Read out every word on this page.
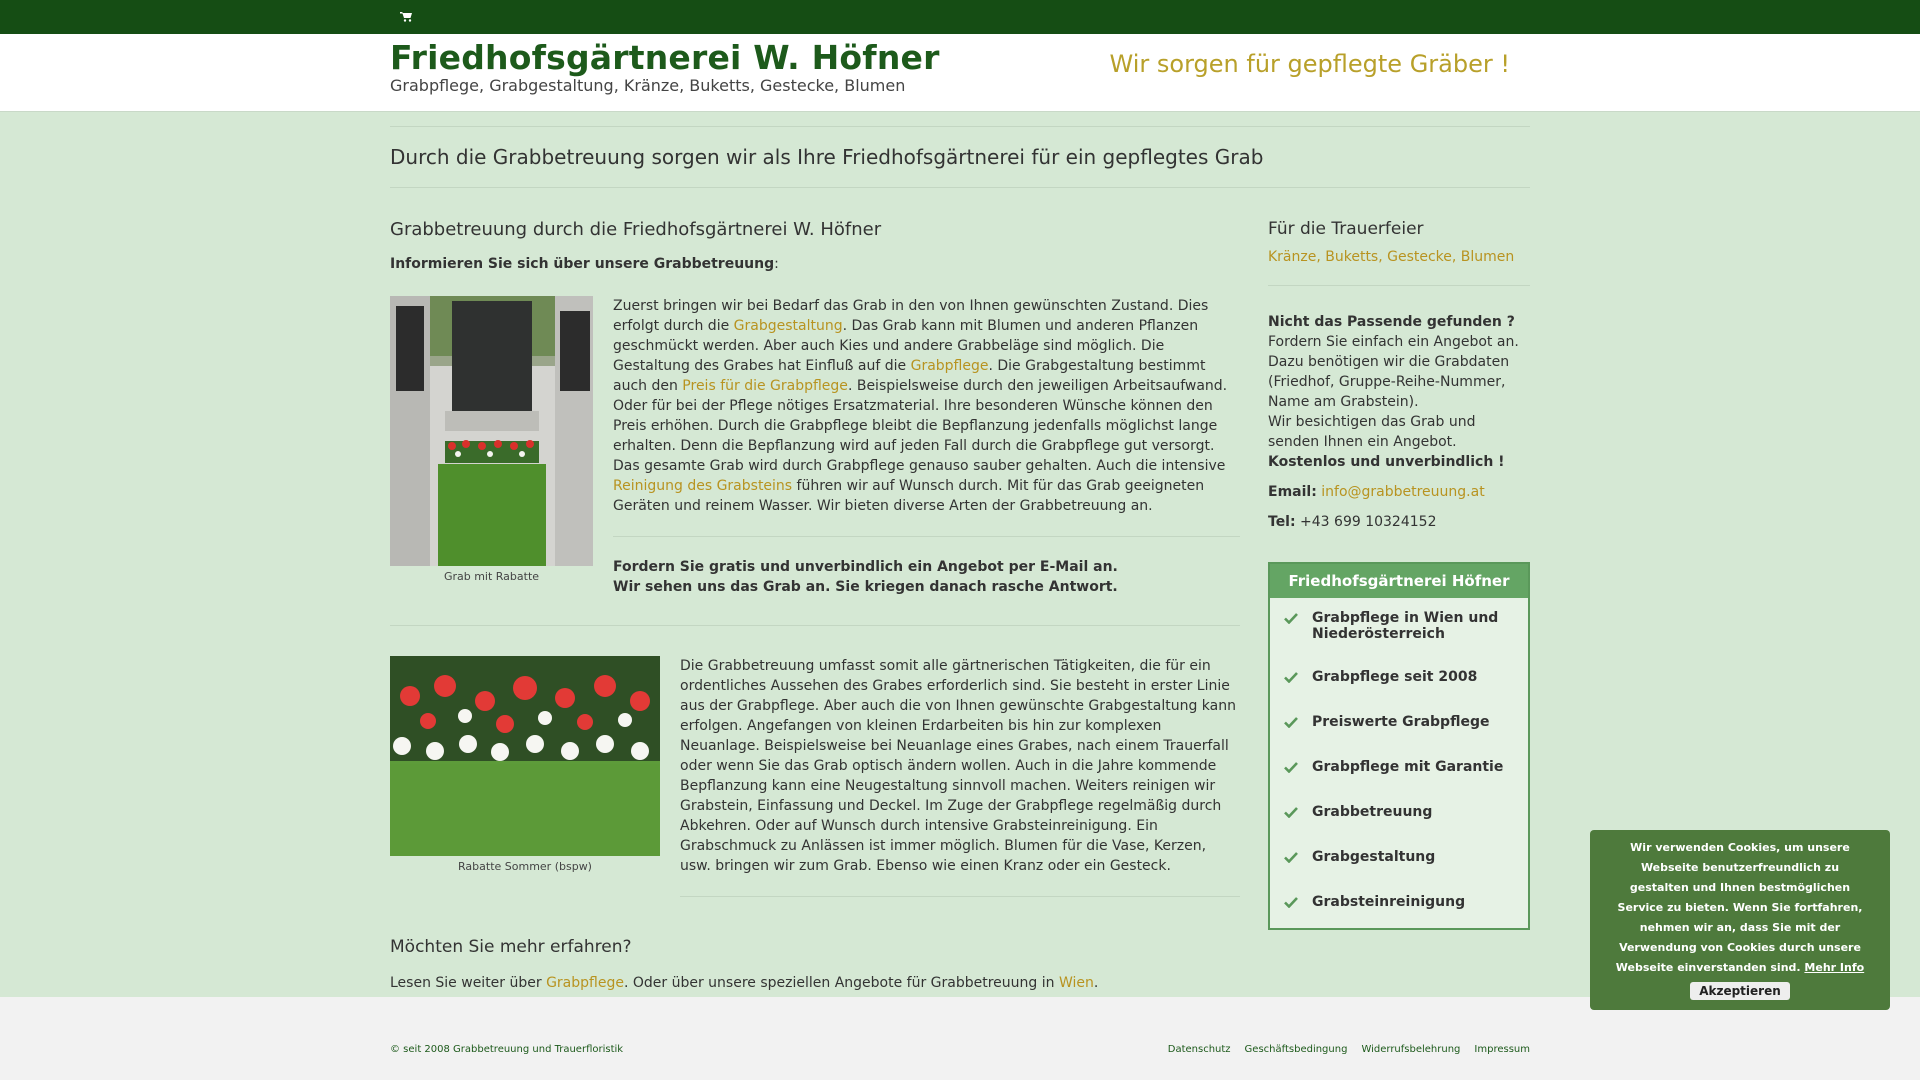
Friedhofsgärtnerei W. Höfner
Grabpflege, Grabgestaltung, Kränze, Buketts, Gestecke, Blumen
Wir sorgen für gepflegte Gräber !
Durch die Grabbetreuung sorgen wir als Ihre Friedhofsgärtnerei für ein gepflegtes Grab
Grabbetreuung durch die Friedhofsgärtnerei W. Höfner
Informieren Sie sich über unsere Grabbetreuung:
Grab mit Rabatte
Zuerst bringen wir bei Bedarf das Grab in den von Ihnen gewünschten Zustand. Dies erfolgt durch die Grabgestaltung. Das Grab kann mit Blumen und anderen Pflanzen geschmückt werden. Aber auch Kies und andere Grabbeläge sind möglich. Die Gestaltung des Grabes hat Einfluß auf die Grabpflege. Die Grabgestaltung bestimmt auch den Preis für die Grabpflege. Beispielsweise durch den jeweiligen Arbeitsaufwand. Oder für bei der Pflege nötiges Ersatzmaterial. Ihre besonderen Wünsche können den Preis erhöhen. Durch die Grabpflege bleibt die Bepflanzung jedenfalls möglichst lange erhalten. Denn die Bepflanzung wird auf jeden Fall durch die Grabpflege gut versorgt. Das gesamte Grab wird durch Grabpflege genauso sauber gehalten. Auch die intensive Reinigung des Grabsteins führen wir auf Wunsch durch. Mit für das Grab geeigneten Geräten und reinem Wasser. Wir bieten diverse Arten der Grabbetreuung an.
Fordern Sie gratis und unverbindlich ein Angebot per E-Mail an.
Wir sehen uns das Grab an. Sie kriegen danach rasche Antwort.
Rabatte Sommer (bspw)
Die Grabbetreuung umfasst somit alle gärtnerischen Tätigkeiten, die für ein ordentliches Aussehen des Grabes erforderlich sind. Sie besteht in erster Linie aus der Grabpflege. Aber auch die von Ihnen gewünschte Grabgestaltung kann erfolgen. Angefangen von kleinen Erdarbeiten bis hin zur komplexen Neuanlage. Beispielsweise bei Neuanlage eines Grabes, nach einem Trauerfall oder wenn Sie das Grab optisch ändern wollen. Auch in die Jahre kommende Bepflanzung kann eine Neugestaltung sinnvoll machen. Weiters reinigen wir Grabstein, Einfassung und Deckel. Im Zuge der Grabpflege regelmäßig durch Abkehren. Oder auf Wunsch durch intensive Grabsteinreinigung. Ein Grabschmuck zu Anlässen ist immer möglich. Blumen für die Vase, Kerzen, usw. bringen wir zum Grab. Ebenso wie einen Kranz oder ein Gesteck.
Möchten Sie mehr erfahren?

Lesen Sie weiter über Grabpflege. Oder über unsere speziellen Angebote für Grabbetreuung in Wien.

Für die Trauerfeier
Kränze, Buketts, Gestecke, Blumen
Nicht das Passende gefunden ?
Fordern Sie einfach ein Angebot an. Dazu benötigen wir die Grabdaten (Friedhof, Gruppe-Reihe-Nummer, Name am Grabstein).
Wir besichtigen das Grab und senden Ihnen ein Angebot.
Kostenlos und unverbindlich !
Email: info@grabbetreuung.at
Tel: +43 699 10324152
Friedhofsgärtnerei Höfner
Grabpflege in Wien und Niederösterreich
Grabpflege seit 2008
Preiswerte Grabpflege
Grabpflege mit Garantie
Grabbetreuung
Grabgestaltung
Grabsteinreinigung
© seit 2008 Grabbetreuung und Trauerfloristik	Datenschutz Geschäftsbedingung Widerrufsbelehrung Impressum
Wir verwenden Cookies, um unsere Webseite benutzerfreundlich zu gestalten und Ihnen bestmöglichen Service zu bieten. Wenn Sie fortfahren, nehmen wir an, dass Sie mit der Verwendung von Cookies durch unsere Webseite einverstanden sind. Mehr Info
Akzeptieren
